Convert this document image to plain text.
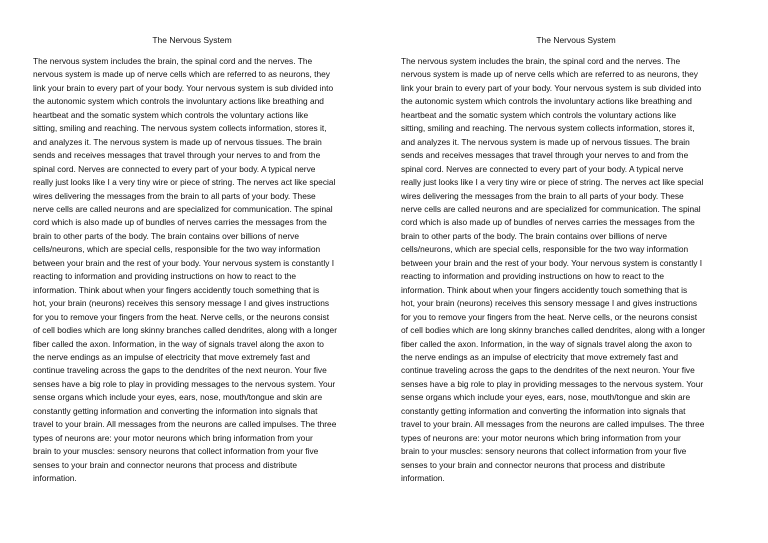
The Nervous System

The nervous system includes the brain, the spinal cord and the nerves. The
nervous system is made up of nerve cells which are referred to as neurons, they
link your brain to every part of your body. Your nervous system is sub divided into
the autonomic system which controls the involuntary actions like breathing and
heartbeat and the somatic system which controls the voluntary actions like
sitting, smiling and reaching. The nervous system collects information, stores it,
and analyzes it. The nervous system is made up of nervous tissues. The brain
sends and receives messages that travel through your nerves to and from the
spinal cord. Nerves are connected to every part of your body. A typical nerve
really just looks like I a very tiny wire or piece of string. The nerves act like special
wires delivering the messages from the brain to all parts of your body. These
nerve cells are called neurons and are specialized for communication. The spinal
cord which is also made up of bundles of nerves carries the messages from the
brain to other parts of the body. The brain contains over billions of nerve
cells/neurons, which are special cells, responsible for the two way information
between your brain and the rest of your body. Your nervous system is constantly I
reacting to information and providing instructions on how to react to the
information. Think about when your fingers accidently touch something that is
hot, your brain (neurons) receives this sensory message I and gives instructions
for you to remove your fingers from the heat. Nerve cells, or the neurons consist
of cell bodies which are long skinny branches called dendrites, along with a longer
fiber called the axon. Information, in the way of signals travel along the axon to
the nerve endings as an impulse of electricity that move extremely fast and
continue traveling across the gaps to the dendrites of the next neuron. Your five
senses have a big role to play in providing messages to the nervous system. Your
sense organs which include your eyes, ears, nose, mouth/tongue and skin are
constantly getting information and converting the information into signals that
travel to your brain. All messages from the neurons are called impulses. The three
types of neurons are: your motor neurons which bring information from your
brain to your muscles: sensory neurons that collect information from your five
senses to your brain and connector neurons that process and distribute
information.

The Nervous System

The nervous system includes the brain, the spinal cord and the nerves. The
nervous system is made up of nerve cells which are referred to as neurons, they
link your brain to every part of your body. Your nervous system is sub divided into
the autonomic system which controls the involuntary actions like breathing and
heartbeat and the somatic system which controls the voluntary actions like
sitting, smiling and reaching. The nervous system collects information, stores it,
and analyzes it. The nervous system is made up of nervous tissues. The brain
sends and receives messages that travel through your nerves to and from the
spinal cord. Nerves are connected to every part of your body. A typical nerve
really just looks like I a very tiny wire or piece of string. The nerves act like special
wires delivering the messages from the brain to all parts of your body. These
nerve cells are called neurons and are specialized for communication. The spinal
cord which is also made up of bundles of nerves carries the messages from the
brain to other parts of the body. The brain contains over billions of nerve
cells/neurons, which are special cells, responsible for the two way information
between your brain and the rest of your body. Your nervous system is constantly I
reacting to information and providing instructions on how to react to the
information. Think about when your fingers accidently touch something that is
hot, your brain (neurons) receives this sensory message I and gives instructions
for you to remove your fingers from the heat. Nerve cells, or the neurons consist
of cell bodies which are long skinny branches called dendrites, along with a longer
fiber called the axon. Information, in the way of signals travel along the axon to
the nerve endings as an impulse of electricity that move extremely fast and
continue traveling across the gaps to the dendrites of the next neuron. Your five
senses have a big role to play in providing messages to the nervous system. Your
sense organs which include your eyes, ears, nose, mouth/tongue and skin are
constantly getting information and converting the information into signals that
travel to your brain. All messages from the neurons are called impulses. The three
types of neurons are: your motor neurons which bring information from your
brain to your muscles: sensory neurons that collect information from your five
senses to your brain and connector neurons that process and distribute
information.
